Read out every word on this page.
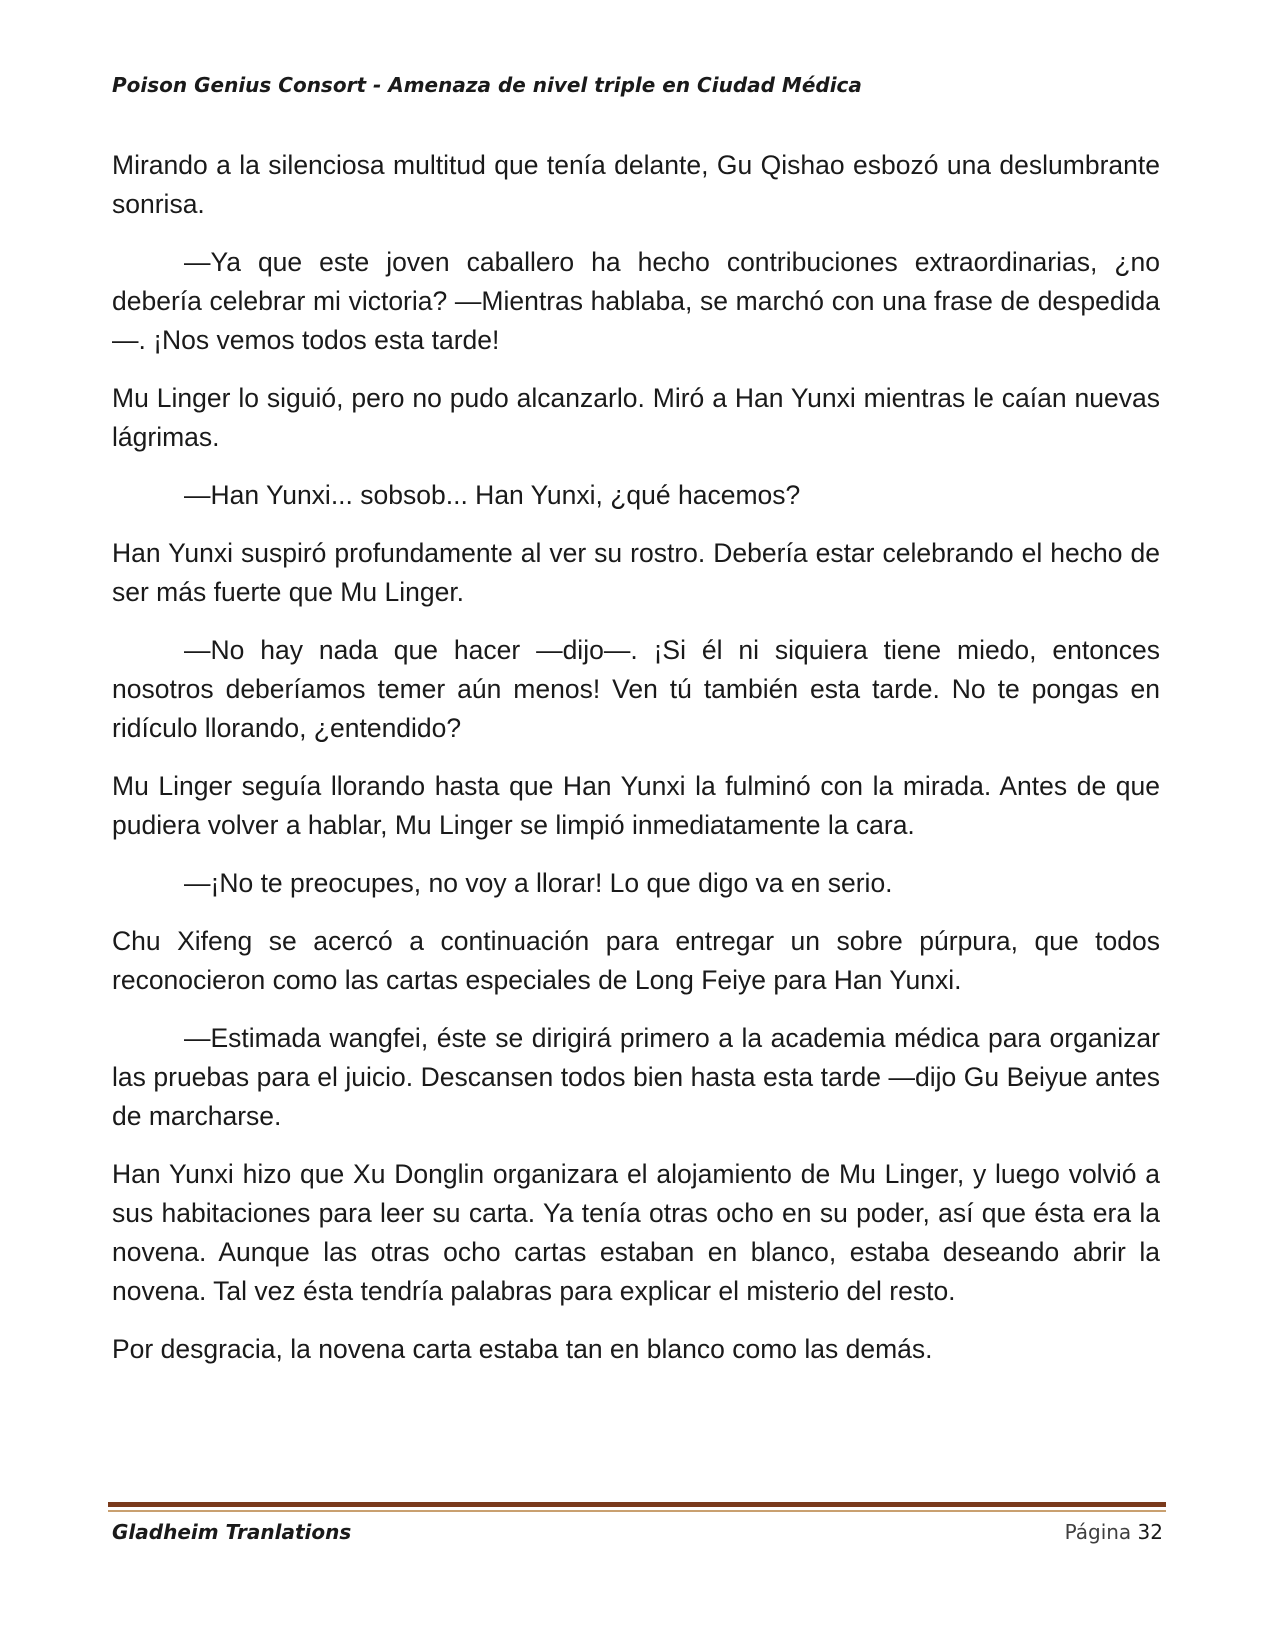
Poison Genius Consort - Amenaza de nivel triple en Ciudad Médica

Mirando a la silenciosa multitud que tenía delante, Gu Qishao esbozó una deslumbrante sonrisa.

—Ya que este joven caballero ha hecho contribuciones extraordinarias, ¿no debería celebrar mi victoria? —Mientras hablaba, se marchó con una frase de despedida—. ¡Nos vemos todos esta tarde!

Mu Linger lo siguió, pero no pudo alcanzarlo. Miró a Han Yunxi mientras le caían nuevas lágrimas.

—Han Yunxi... sobsob... Han Yunxi, ¿qué hacemos?

Han Yunxi suspiró profundamente al ver su rostro. Debería estar celebrando el hecho de ser más fuerte que Mu Linger.

—No hay nada que hacer —dijo—. ¡Si él ni siquiera tiene miedo, entonces nosotros deberíamos temer aún menos! Ven tú también esta tarde. No te pongas en ridículo llorando, ¿entendido?

Mu Linger seguía llorando hasta que Han Yunxi la fulminó con la mirada. Antes de que pudiera volver a hablar, Mu Linger se limpió inmediatamente la cara.

—¡No te preocupes, no voy a llorar! Lo que digo va en serio.

Chu Xifeng se acercó a continuación para entregar un sobre púrpura, que todos reconocieron como las cartas especiales de Long Feiye para Han Yunxi.

—Estimada wangfei, éste se dirigirá primero a la academia médica para organizar las pruebas para el juicio. Descansen todos bien hasta esta tarde —dijo Gu Beiyue antes de marcharse.

Han Yunxi hizo que Xu Donglin organizara el alojamiento de Mu Linger, y luego volvió a sus habitaciones para leer su carta. Ya tenía otras ocho en su poder, así que ésta era la novena. Aunque las otras ocho cartas estaban en blanco, estaba deseando abrir la novena. Tal vez ésta tendría palabras para explicar el misterio del resto.

Por desgracia, la novena carta estaba tan en blanco como las demás.

Gladheim Tranlations	Página 32
